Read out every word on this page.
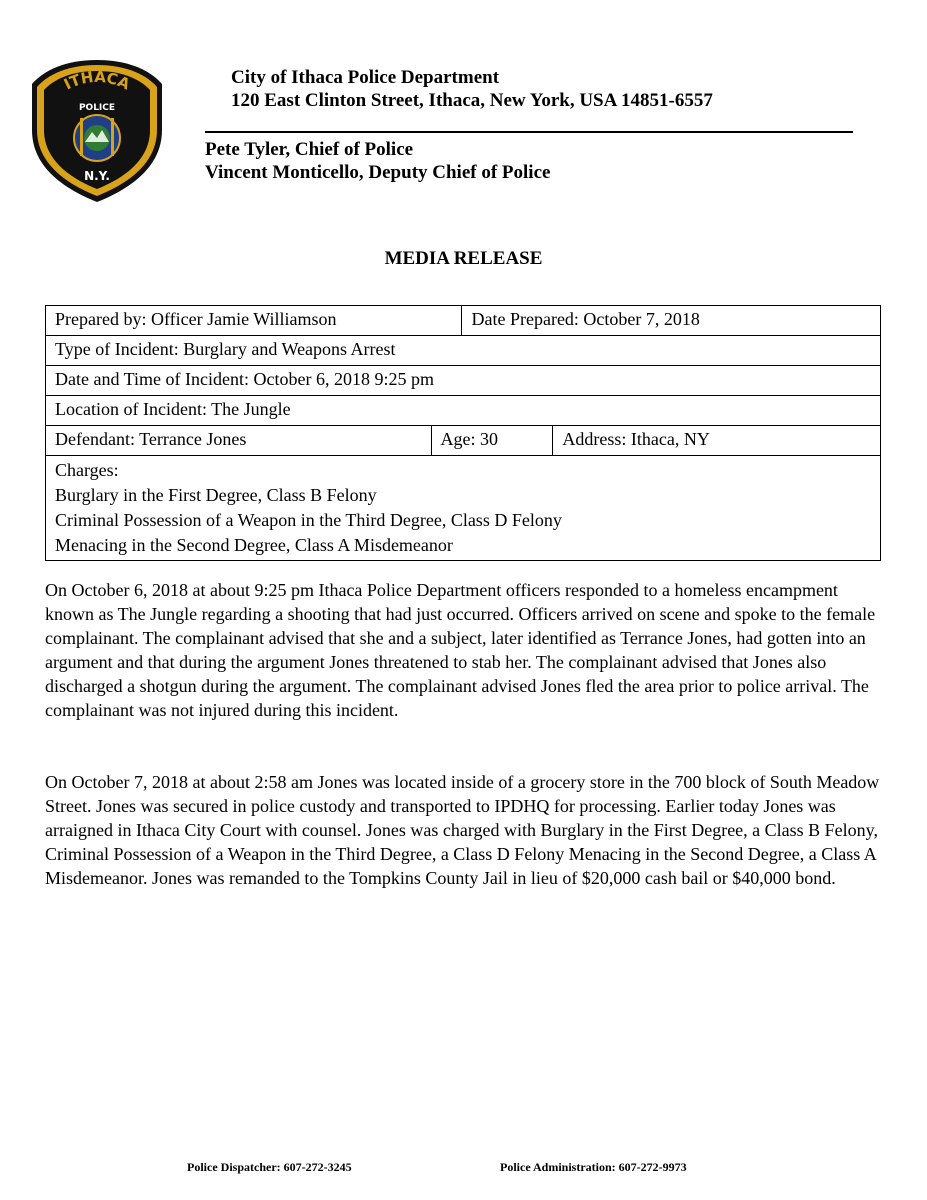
ITHACA
POLICE
N.Y.
City of Ithaca Police Department
120 East Clinton Street, Ithaca, New York, USA 14851-6557
Pete Tyler, Chief of Police
Vincent Monticello, Deputy Chief of Police
MEDIA RELEASE
Prepared by: Officer Jamie Williamson		Date Prepared: October 7, 2018	
Type of Incident: Burglary and Weapons Arrest			
Date and Time of Incident: October 6, 2018 9:25 pm			
Location of Incident: The Jungle			
Defendant: Terrance Jones	Age: 30		Address: Ithaca, NY

Charges:
Burglary in the First Degree, Class B Felony
Criminal Possession of a Weapon in the Third Degree, Class D Felony
Menacing in the Second Degree, Class A Misdemeanor			

On October 6, 2018 at about 9:25 pm Ithaca Police Department officers responded to a homeless encampment known as The Jungle regarding a shooting that had just occurred. Officers arrived on scene and spoke to the female complainant. The complainant advised that she and a subject, later identified as Terrance Jones, had gotten into an argument and that during the argument Jones threatened to stab her. The complainant advised that Jones also discharged a shotgun during the argument. The complainant advised Jones fled the area prior to police arrival. The complainant was not injured during this incident.

On October 7, 2018 at about 2:58 am Jones was located inside of a grocery store in the 700 block of South Meadow Street. Jones was secured in police custody and transported to IPDHQ for processing. Earlier today Jones was arraigned in Ithaca City Court with counsel. Jones was charged with Burglary in the First Degree, a Class B Felony, Criminal Possession of a Weapon in the Third Degree, a Class D Felony Menacing in the Second Degree, a Class A Misdemeanor. Jones was remanded to the Tompkins County Jail in lieu of $20,000 cash bail or $40,000 bond.

Police Dispatcher: 607-272-3245	Police Administration: 607-272-9973
